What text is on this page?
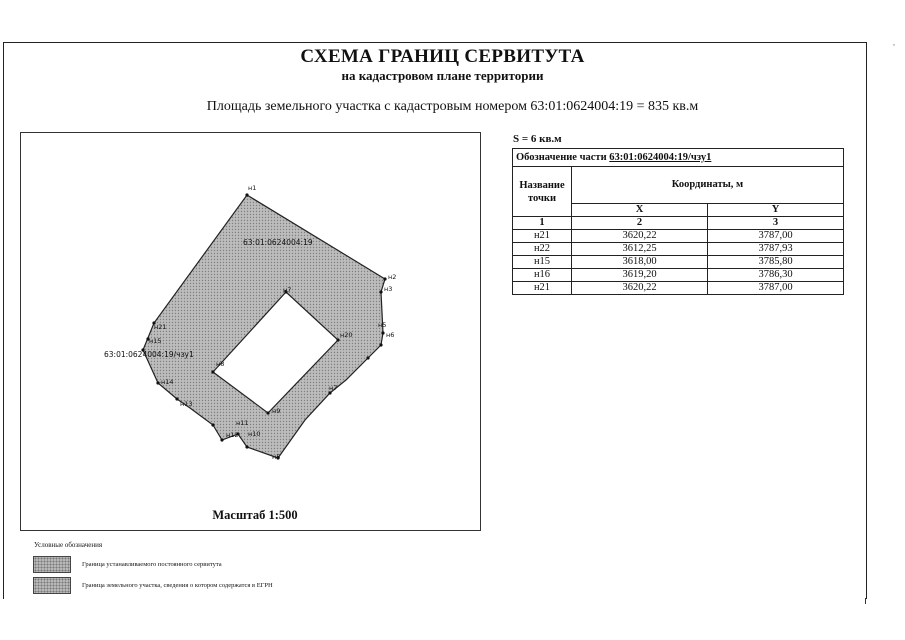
,
СХЕМА ГРАНИЦ СЕРВИТУТА
на кадастровом плане территории
Площадь земельного участка с кадастровым номером 63:01:0624004:19 = 835 кв.м
н1
н2
н3
н5
н6
н20
н7
н9
н8
н11
н10
н12
н5
н13
н14
н15
н21
н7
63:01:0624004:19
63:01:0624004:19/чзу1
Масштаб 1:500
S = 6 кв.м
Обозначение части 63:01:0624004:19/чзу1		
Название точки	Координаты, м	
	X	Y
1	2	3
н21	3620,22	3787,00
н22	3612,25	3787,93
н15	3618,00	3785,80
н16	3619,20	3786,30
н21	3620,22	3787,00
Условные обозначения
Граница устанавливаемого постоянного сервитута
Граница земельного участка, сведения о котором содержатся в ЕГРН
